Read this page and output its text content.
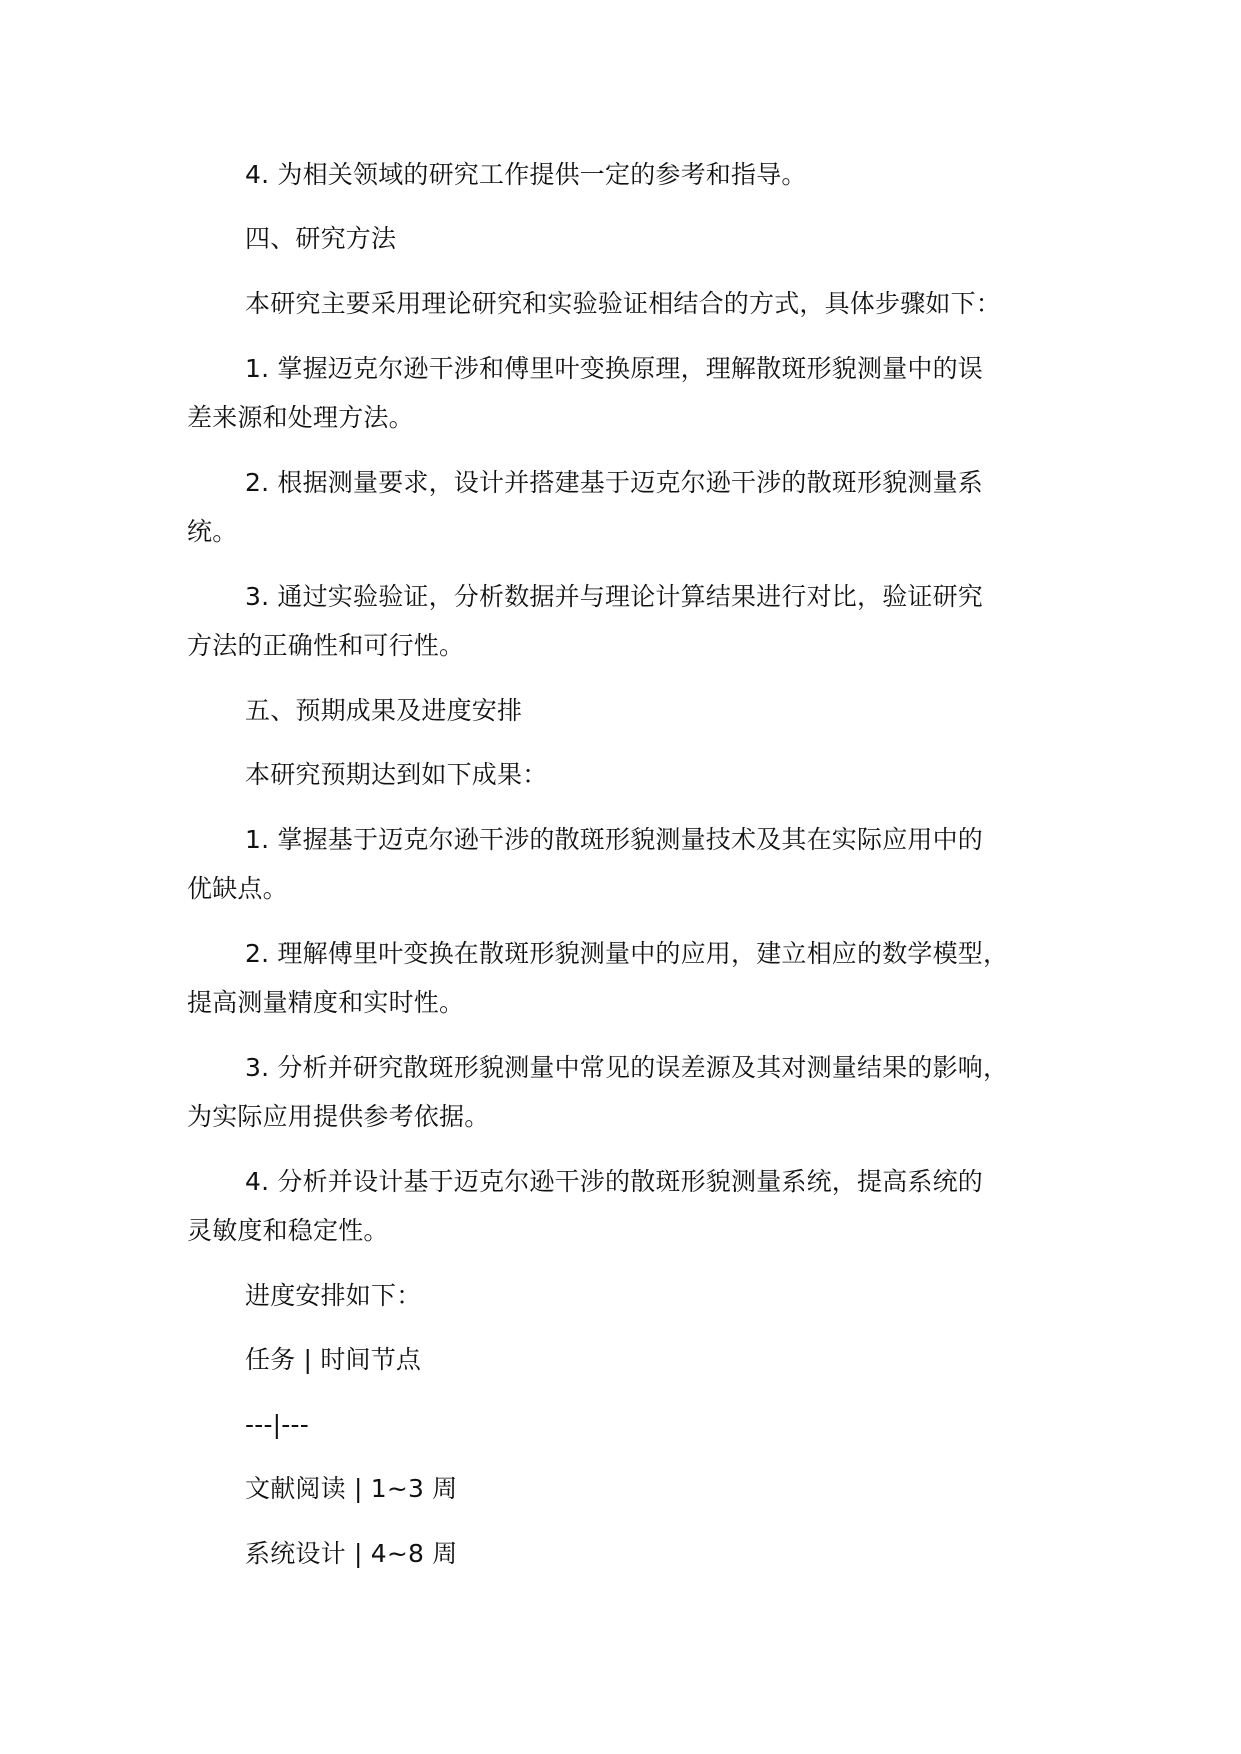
4. 为相关领域的研究工作提供一定的参考和指导。
四、研究方法
本研究主要采用理论研究和实验验证相结合的方式，具体步骤如下：
1. 掌握迈克尔逊干涉和傅里叶变换原理，理解散斑形貌测量中的误
差来源和处理方法。
2. 根据测量要求，设计并搭建基于迈克尔逊干涉的散斑形貌测量系
统。
3. 通过实验验证，分析数据并与理论计算结果进行对比，验证研究
方法的正确性和可行性。
五、预期成果及进度安排
本研究预期达到如下成果：
1. 掌握基于迈克尔逊干涉的散斑形貌测量技术及其在实际应用中的
优缺点。
2. 理解傅里叶变换在散斑形貌测量中的应用，建立相应的数学模型，
提高测量精度和实时性。
3. 分析并研究散斑形貌测量中常见的误差源及其对测量结果的影响，
为实际应用提供参考依据。
4. 分析并设计基于迈克尔逊干涉的散斑形貌测量系统，提高系统的
灵敏度和稳定性。
进度安排如下：
任务 | 时间节点
---|---
文献阅读 | 1~3 周
系统设计 | 4~8 周
